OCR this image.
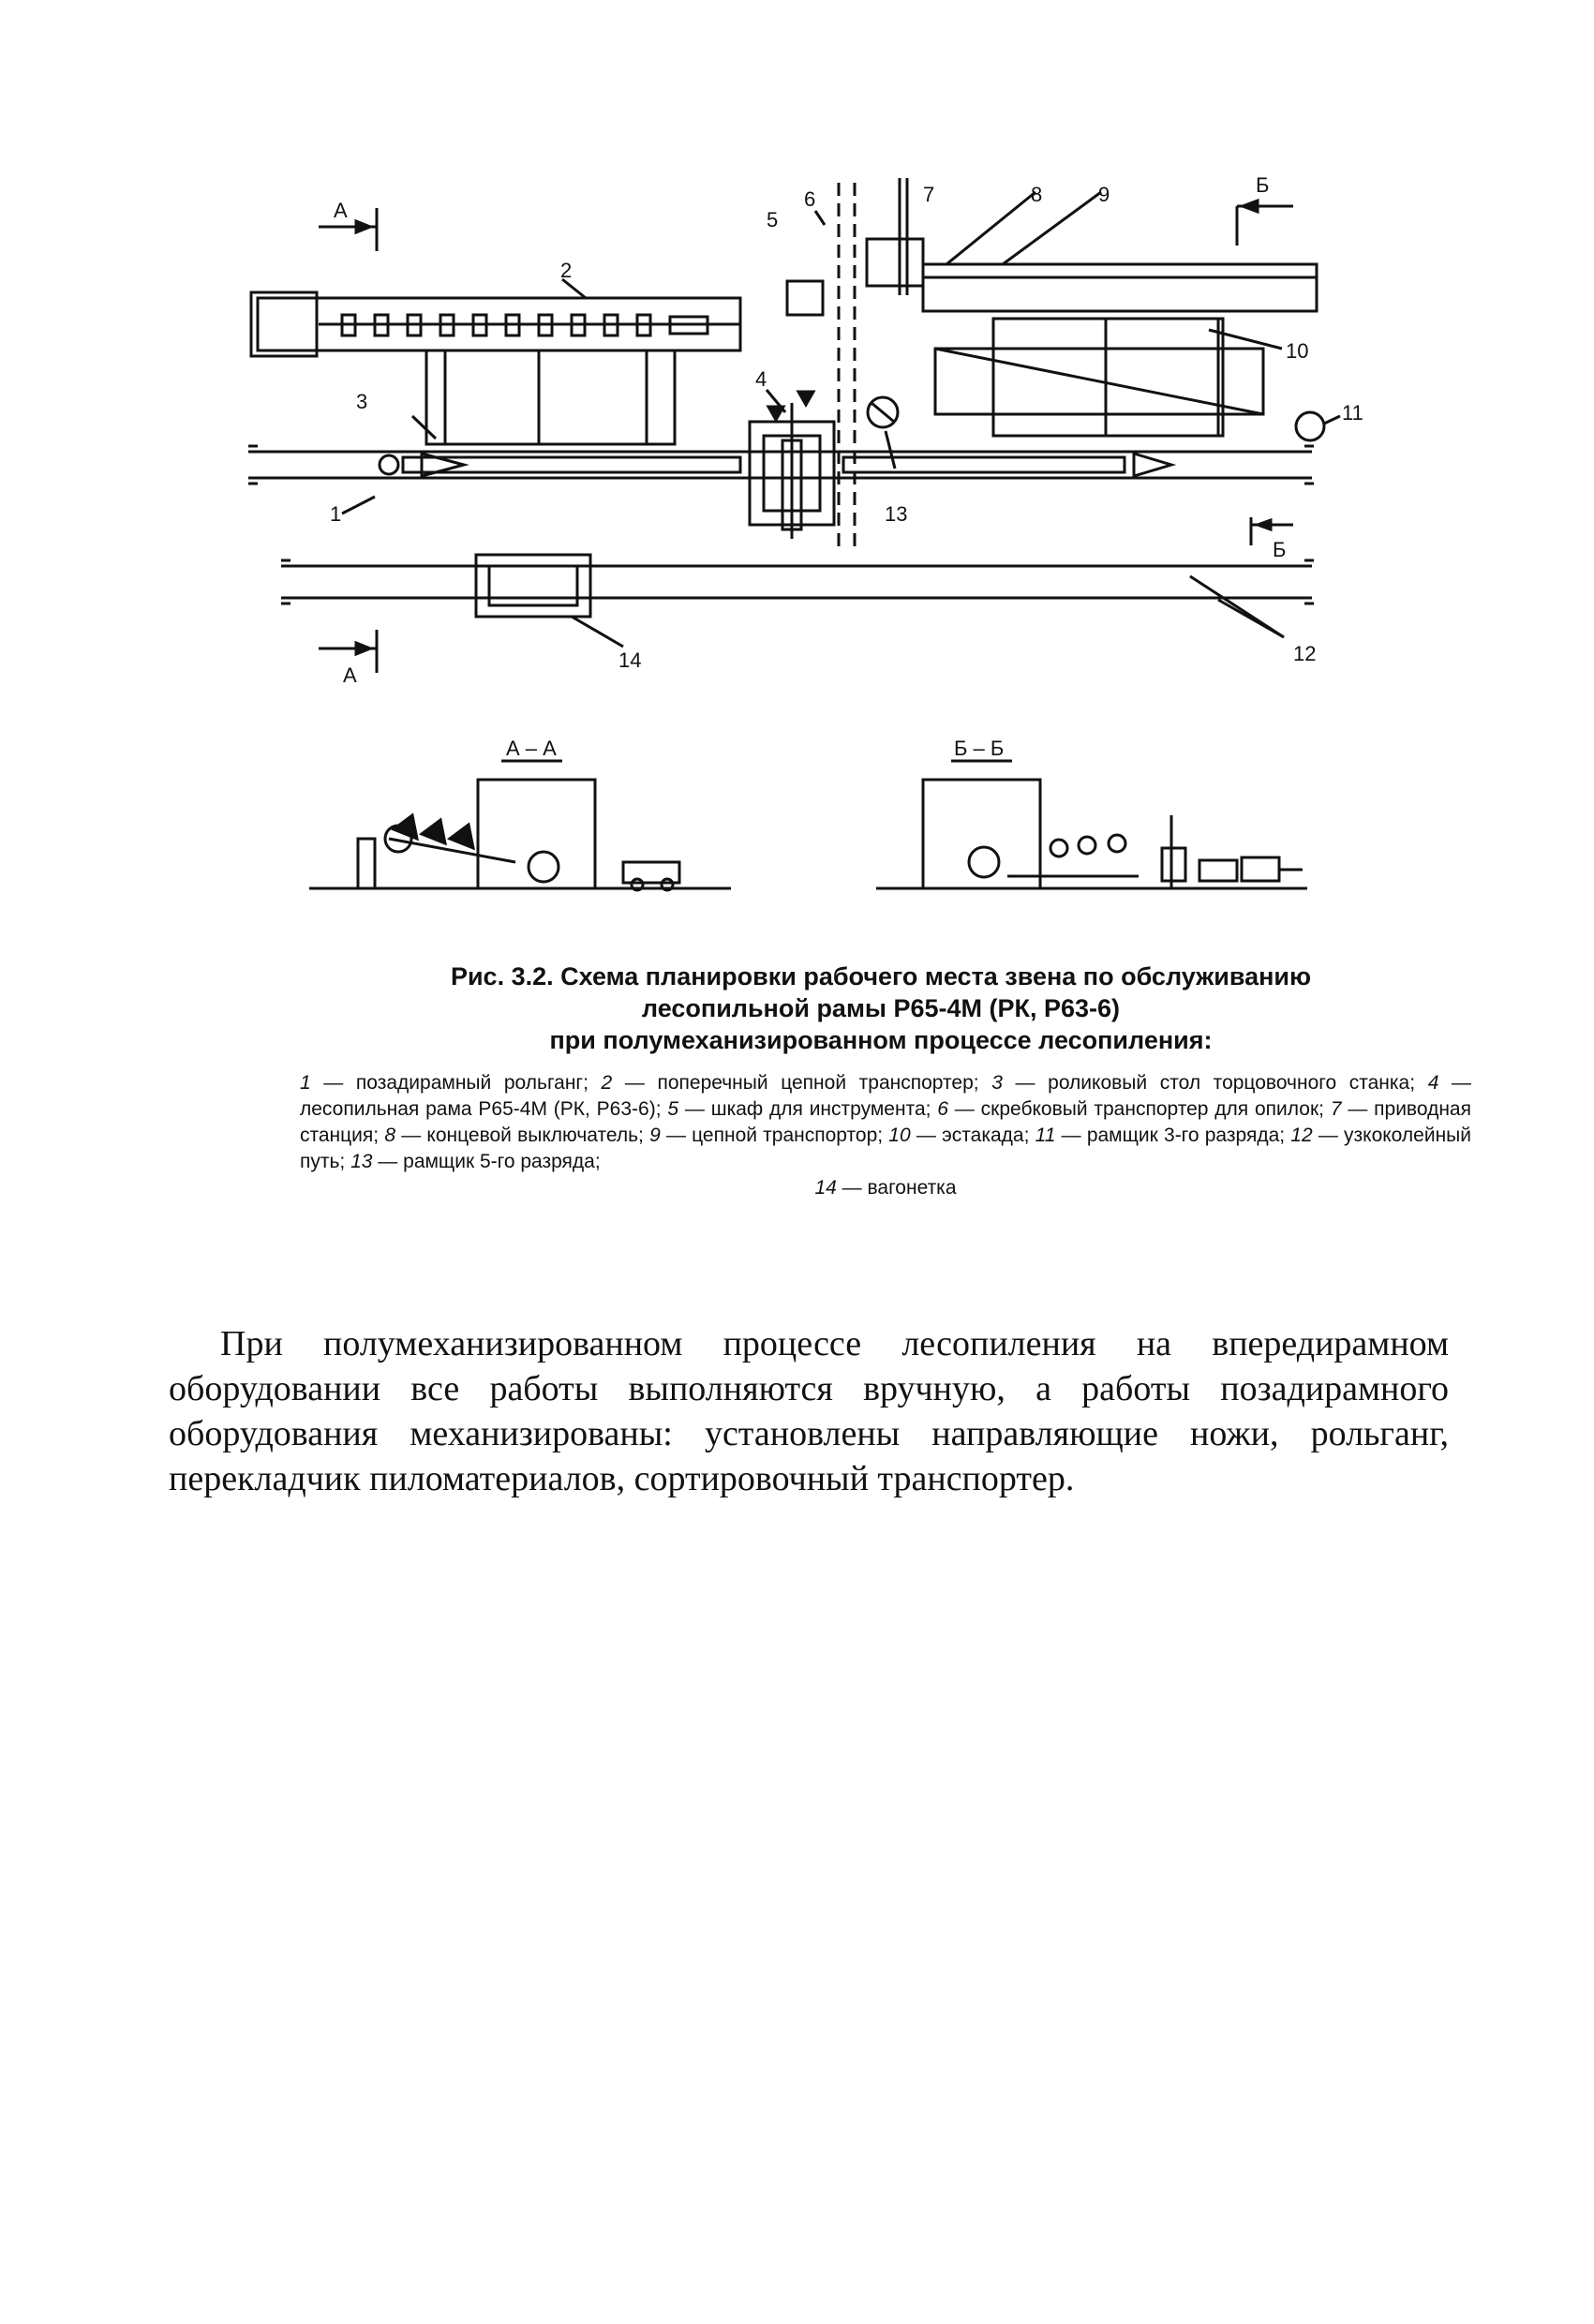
А
Б
2
3
4
1
6
5
13
7	8	9
10
11
Б
12
14
А
А – А	Б – Б
Рис. 3.2. Схема планировки рабочего места звена по обслуживанию
лесопильной рамы Р65-4М (РК, Р63-6)
при полумеханизированном процессе лесопиления:
1 — позадирамный рольганг; 2 — поперечный цепной транспортер; 3 — роликовый стол торцовочного станка; 4 — лесопильная рама Р65-4М (РК, Р63-6); 5 — шкаф для инструмента; 6 — скребковый транспортер для опилок; 7 — приводная станция; 8 — концевой выключатель; 9 — цепной транспортор; 10 — эстакада; 11 — рамщик 3-го разряда; 12 — узкоколейный путь; 13 — рамщик 5-го разряда;
14 — вагонетка

При полумеханизированном процессе лесопиления на впередирамном оборудовании все работы выполняются вручную, а работы позадирамного оборудования механизированы: установлены направляющие ножи, рольганг, перекладчик пиломатериалов, сортировочный транспортер.
